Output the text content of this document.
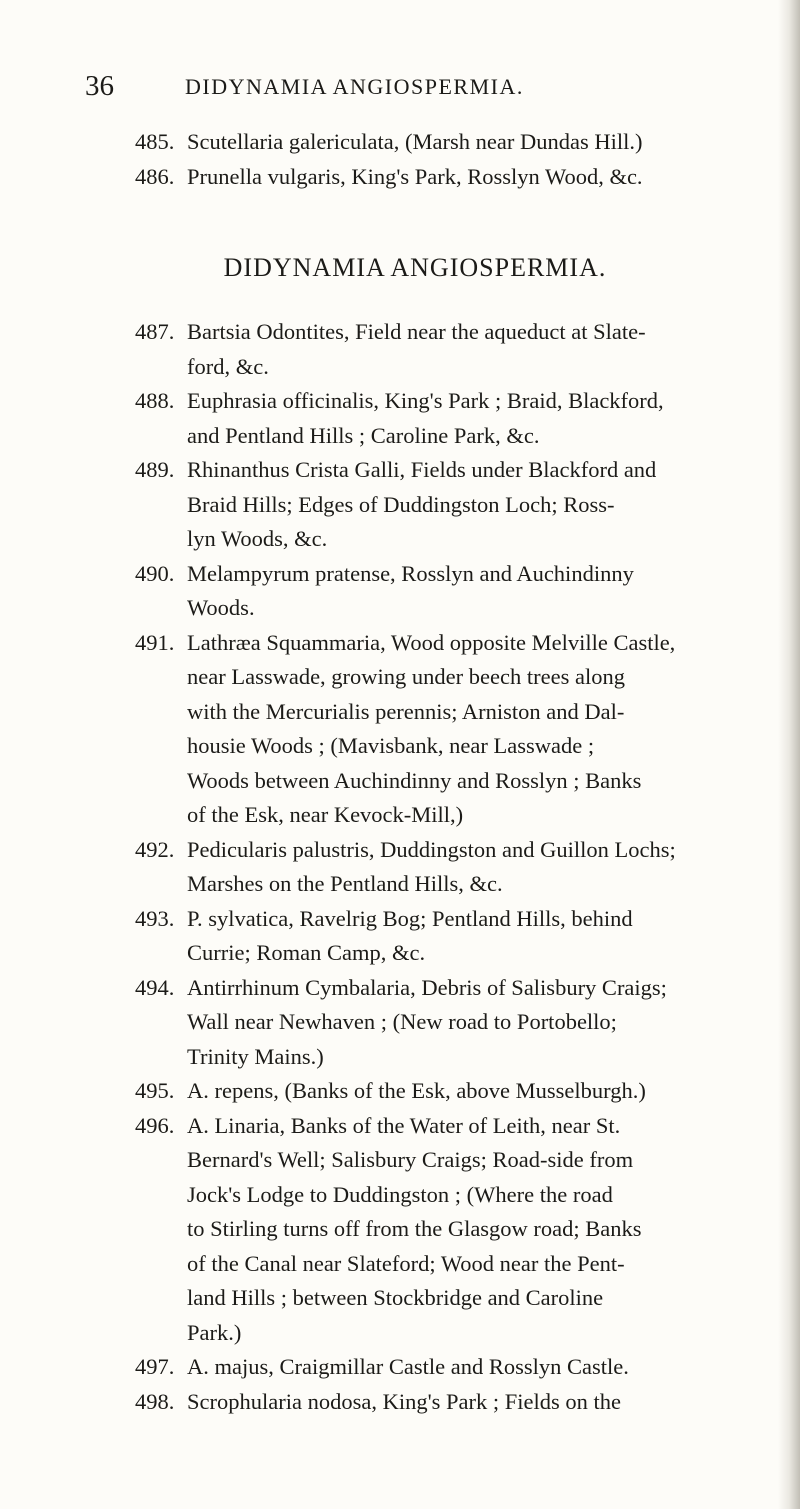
36	DIDYNAMIA ANGIOSPERMIA.
DIDYNAMIA ANGIOSPERMIA.
485. Scutellaria galericulata, (Marsh near Dundas Hill.)
486. Prunella vulgaris, King's Park, Rosslyn Wood, &c.
487. Bartsia Odontites, Field near the aqueduct at Slate-
ford, &c.
488. Euphrasia officinalis, King's Park ; Braid, Blackford,
and Pentland Hills ; Caroline Park, &c.
489. Rhinanthus Crista Galli, Fields under Blackford and
Braid Hills; Edges of Duddingston Loch; Ross-
lyn Woods, &c.
490. Melampyrum pratense, Rosslyn and Auchindinny
Woods.
491. Lathræa Squammaria, Wood opposite Melville Castle,
near Lasswade, growing under beech trees along
with the Mercurialis perennis; Arniston and Dal-
housie Woods ; (Mavisbank, near Lasswade ;
Woods between Auchindinny and Rosslyn ; Banks
of the Esk, near Kevock-Mill,)
492. Pedicularis palustris, Duddingston and Guillon Lochs;
Marshes on the Pentland Hills, &c.
493. P. sylvatica, Ravelrig Bog; Pentland Hills, behind
Currie; Roman Camp, &c.
494. Antirrhinum Cymbalaria, Debris of Salisbury Craigs;
Wall near Newhaven ; (New road to Portobello;
Trinity Mains.)
495. A. repens, (Banks of the Esk, above Musselburgh.)
496. A. Linaria, Banks of the Water of Leith, near St.
Bernard's Well; Salisbury Craigs; Road-side from
Jock's Lodge to Duddingston ; (Where the road
to Stirling turns off from the Glasgow road; Banks
of the Canal near Slateford; Wood near the Pent-
land Hills ; between Stockbridge and Caroline
Park.)
497. A. majus, Craigmillar Castle and Rosslyn Castle.
498. Scrophularia nodosa, King's Park ; Fields on the
